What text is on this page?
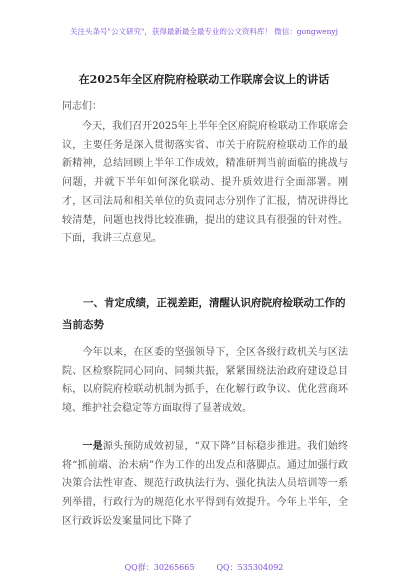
关注头条号"公文研究"，获得最新最全最专业的公文资料库！ 微信：gongwenyj
在2025年全区府院府检联动工作联席会议上的讲话
同志们：

　　今天，我们召开2025年上半年全区府院府检联动工作联席会议，主要任务是深入贯彻落实省、市关于府院府检联动工作的最新精神，总结回顾上半年工作成效，精准研判当前面临的挑战与问题，并就下半年如何深化联动、提升质效进行全面部署。刚才，区司法局和相关单位的负责同志分别作了汇报，情况讲得比较清楚，问题也找得比较准确，提出的建议具有很强的针对性。下面，我讲三点意见。

　　一、肯定成绩，正视差距，清醒认识府院府检联动工作的当前态势

　　今年以来，在区委的坚强领导下，全区各级行政机关与区法院、区检察院同心同向、同频共振，紧紧围绕法治政府建设总目标，以府院府检联动机制为抓手，在化解行政争议、优化营商环境、维护社会稳定等方面取得了显著成效。

　　一是源头预防成效初显，“双下降”目标稳步推进。我们始终将“抓前端、治未病”作为工作的出发点和落脚点。通过加强行政决策合法性审查、规范行政执法行为、强化执法人员培训等一系列举措，行政行为的规范化水平得到有效提升。今年上半年，全区行政诉讼发案量同比下降了

QQ群：30265665	QQ：535304092
